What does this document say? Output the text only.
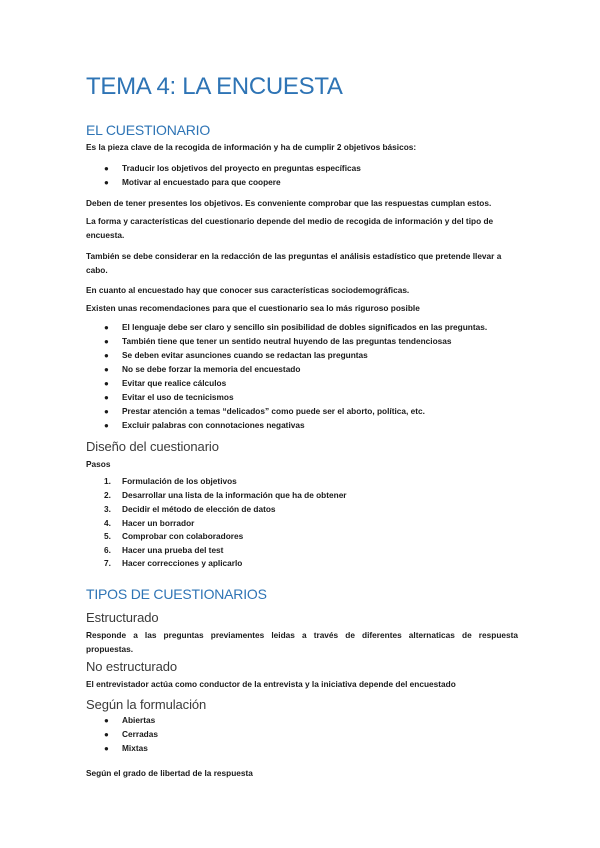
TEMA 4: LA ENCUESTA
EL CUESTIONARIO
Es la pieza clave de la recogida de información y ha de cumplir 2 objetivos básicos:
● Traducir los objetivos del proyecto en preguntas específicas
● Motivar al encuestado para que coopere
Deben de tener presentes los objetivos. Es conveniente comprobar que las respuestas cumplan estos.
La forma y características del cuestionario depende del medio de recogida de información y del tipo de
encuesta.
También se debe considerar en la redacción de las preguntas el análisis estadístico que pretende llevar a
cabo.
En cuanto al encuestado hay que conocer sus características sociodemográficas.
Existen unas recomendaciones para que el cuestionario sea lo más riguroso posible
● El lenguaje debe ser claro y sencillo sin posibilidad de dobles significados en las preguntas.
● También tiene que tener un sentido neutral huyendo de las preguntas tendenciosas
● Se deben evitar asunciones cuando se redactan las preguntas
● No se debe forzar la memoria del encuestado
● Evitar que realice cálculos
● Evitar el uso de tecnicismos
● Prestar atención a temas “delicados” como puede ser el aborto, política, etc.
● Excluir palabras con connotaciones negativas
Diseño del cuestionario
Pasos
1. Formulación de los objetivos
2. Desarrollar una lista de la información que ha de obtener
3. Decidir el método de elección de datos
4. Hacer un borrador
5. Comprobar con colaboradores
6. Hacer una prueba del test
7. Hacer correcciones y aplicarlo
TIPOS DE CUESTIONARIOS
Estructurado
Responde a las preguntas previamentes leidas a través de diferentes alternaticas de respuesta
propuestas.
No estructurado
El entrevistador actúa como conductor de la entrevista y la iniciativa depende del encuestado
Según la formulación
● Abiertas
● Cerradas
● Mixtas
Según el grado de libertad de la respuesta
